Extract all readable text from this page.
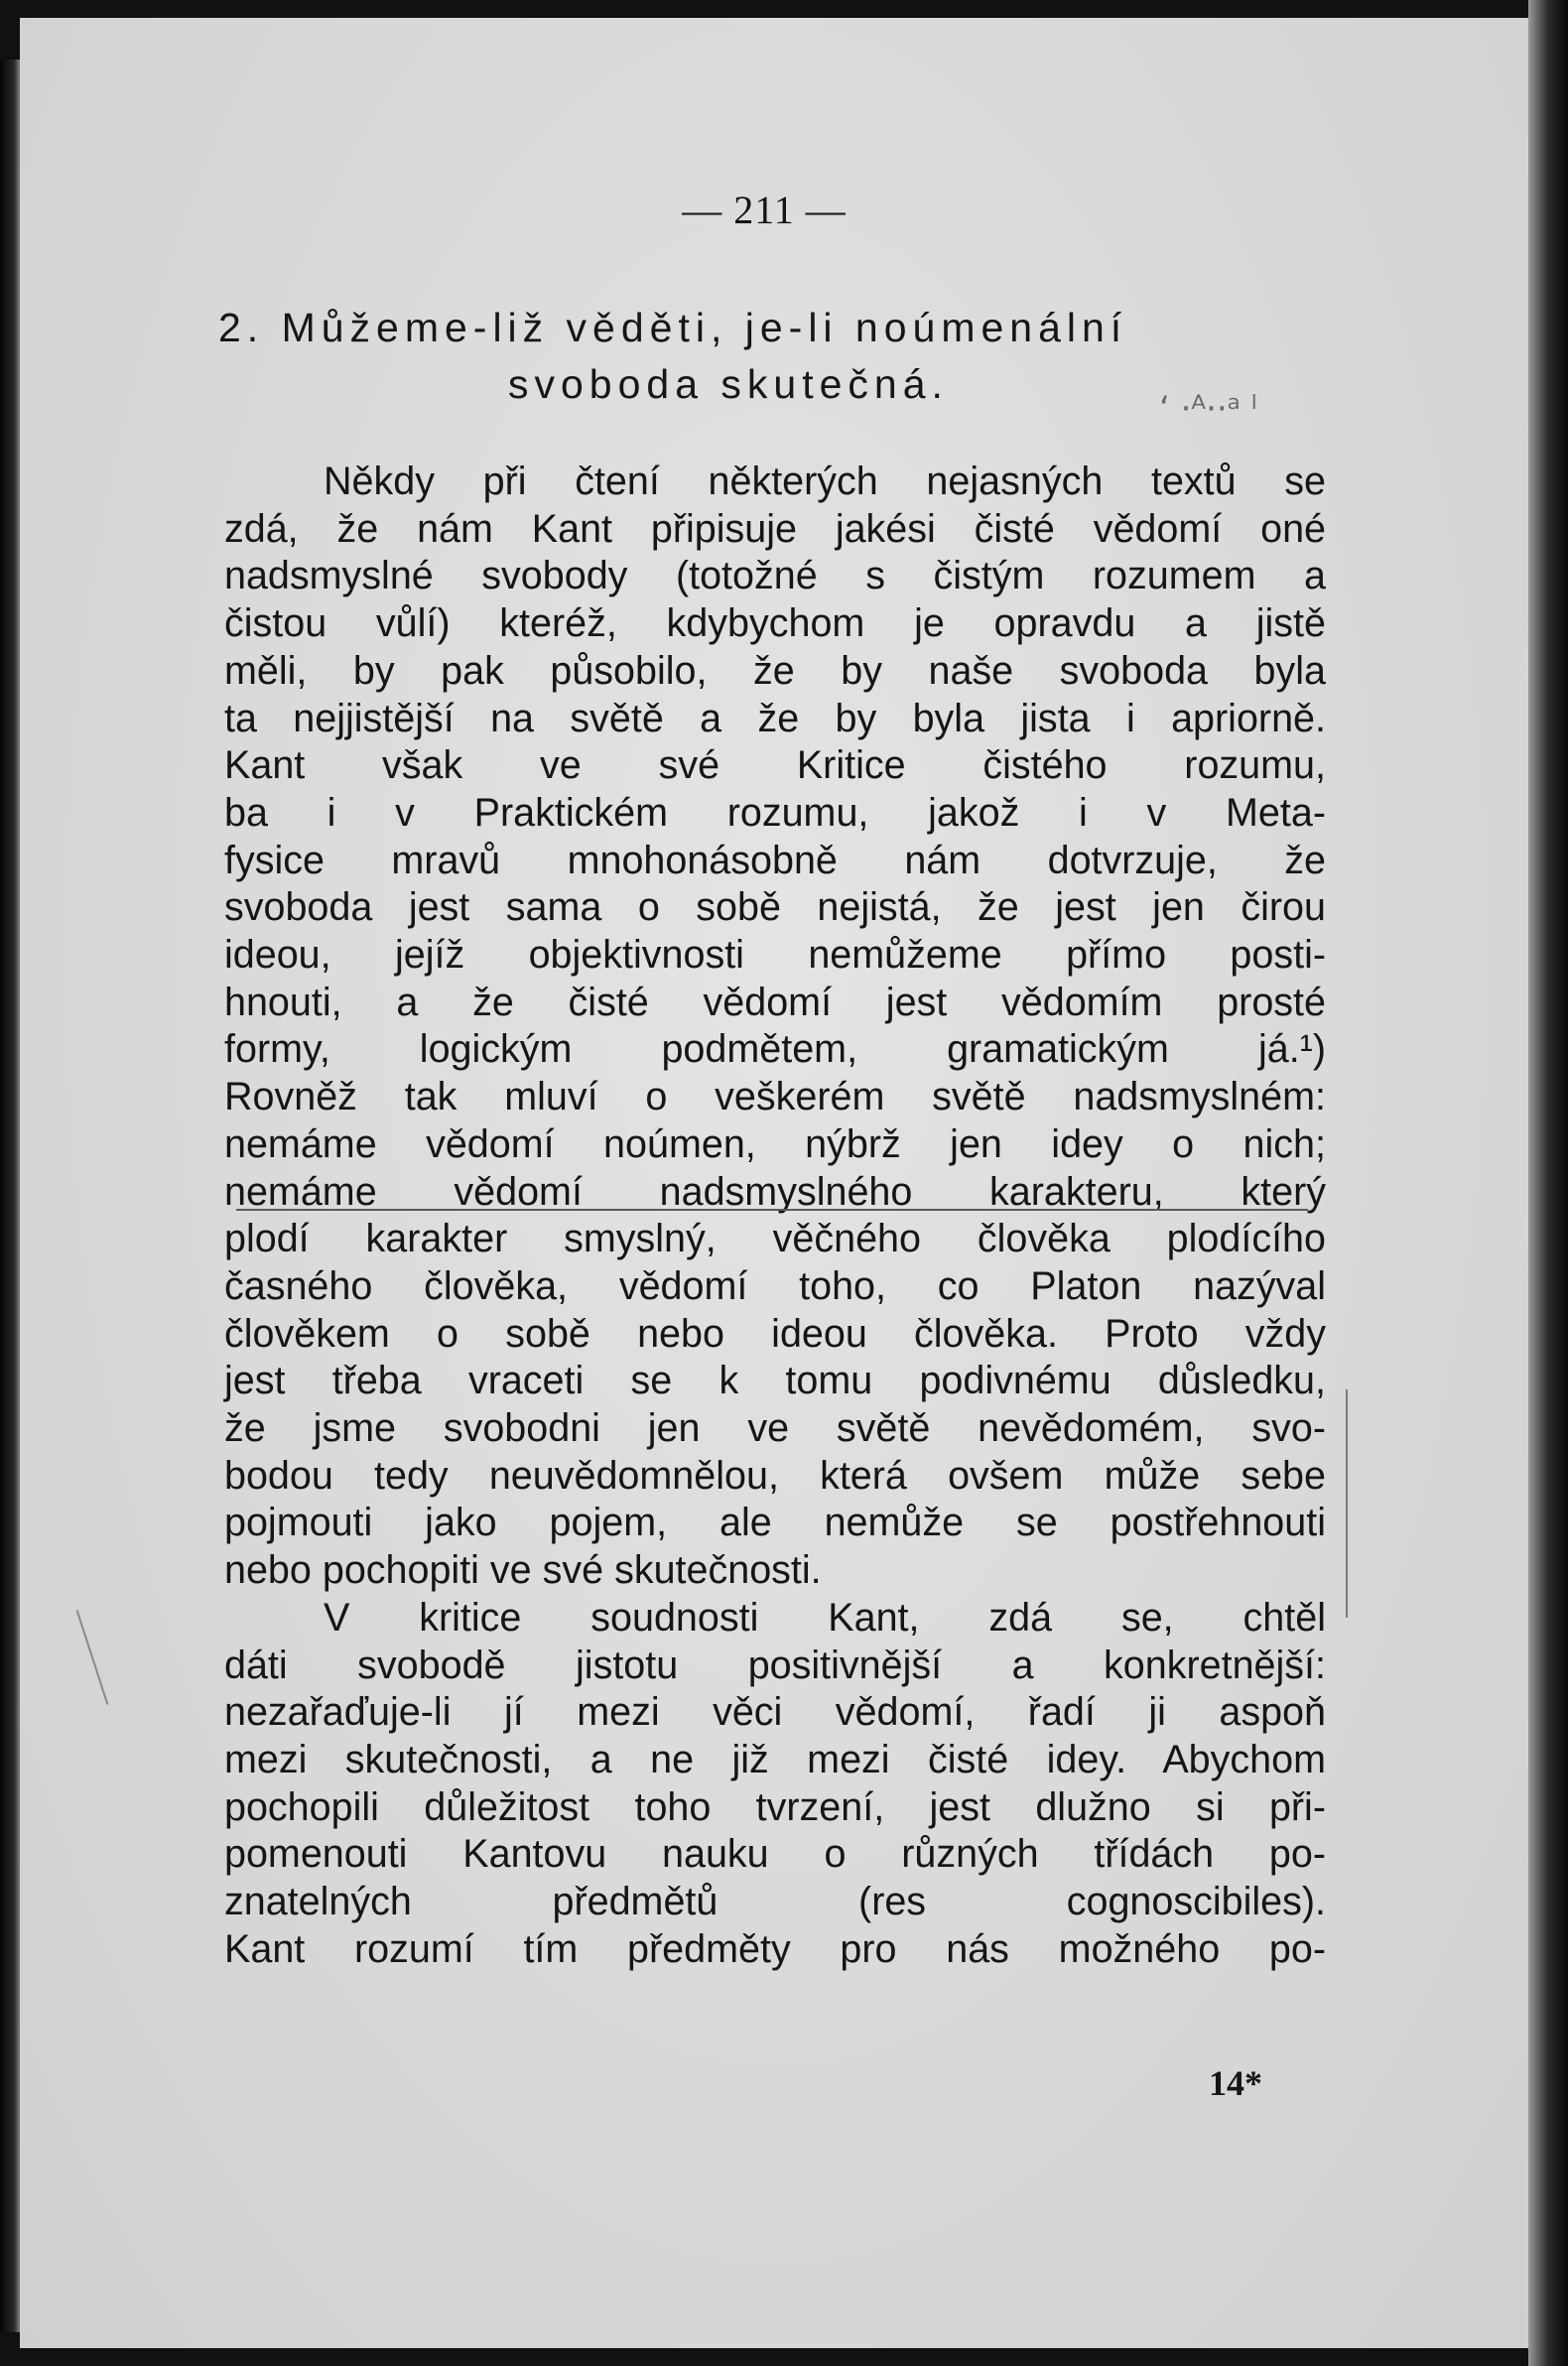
— 211 —
2. Můžeme-liž věděti, je-li noúmenální
svoboda skutečná.
ʻ ·ᴬ··ᵃ ˡ
Někdy při čtení některých nejasných textů se
zdá, že nám Kant připisuje jakési čisté vědomí oné
nadsmyslné svobody (totožné s čistým rozumem a
čistou vůlí) kteréž, kdybychom je opravdu a jistě
měli, by pak působilo, že by naše svoboda byla
ta nejjistější na světě a že by byla jista i apriorně.
Kant však ve své Kritice čistého rozumu,
ba i v Praktickém rozumu, jakož i v Meta-
fysice mravů mnohonásobně nám dotvrzuje, že
svoboda jest sama o sobě nejistá, že jest jen čirou
ideou, jejíž objektivnosti nemůžeme přímo posti-
hnouti, a že čisté vědomí jest vědomím prosté
formy, logickým podmětem, gramatickým já.¹)
Rovněž tak mluví o veškerém světě nadsmyslném:
nemáme vědomí noúmen, nýbrž jen idey o nich;
nemáme vědomí nadsmyslného karakteru, který
plodí karakter smyslný, věčného člověka plodícího
časného člověka, vědomí toho, co Platon nazýval
člověkem o sobě nebo ideou člověka. Proto vždy
jest třeba vraceti se k tomu podivnému důsledku,
že jsme svobodni jen ve světě nevědomém, svo-
bodou tedy neuvědomnělou, která ovšem může sebe
pojmouti jako pojem, ale nemůže se postřehnouti
nebo pochopiti ve své skutečnosti.
V kritice soudnosti Kant, zdá se, chtěl
dáti svobodě jistotu positivnější a konkretnější:
nezařaďuje-li jí mezi věci vědomí, řadí ji aspoň
mezi skutečnosti, a ne již mezi čisté idey. Abychom
pochopili důležitost toho tvrzení, jest dlužno si při-
pomenouti Kantovu nauku o různých třídách po-
znatelných předmětů (res cognoscibiles).
Kant rozumí tím předměty pro nás možného po-
14*
